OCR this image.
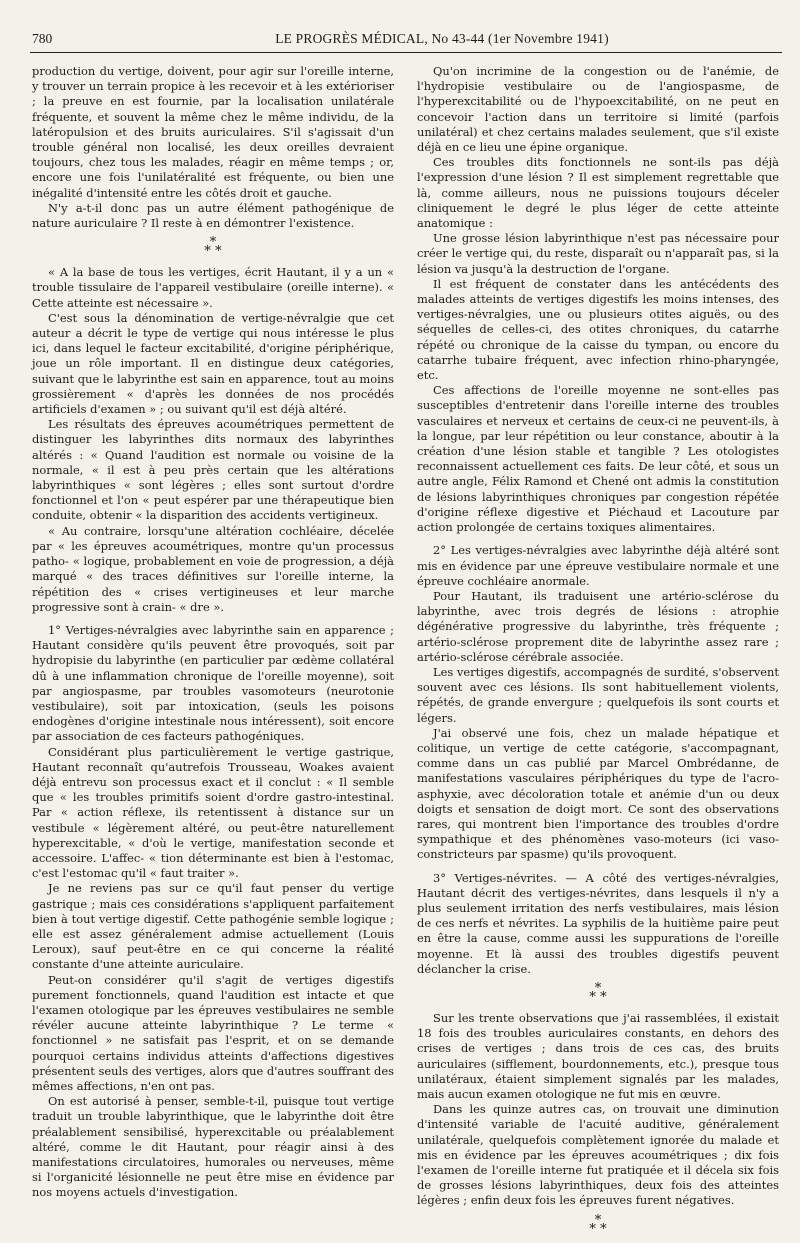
780	LE PROGRÈS MÉDICAL, No 43-44 (1er Novembre 1941)

production du vertige, doivent, pour agir sur l'oreille interne, y trouver un terrain propice à les recevoir et à les extérioriser ; la preuve en est fournie, par la localisation unilatérale fréquente, et souvent la même chez le même individu, de la latéropulsion et des bruits auriculaires. S'il s'agissait d'un trouble général non localisé, les deux oreilles devraient toujours, chez tous les malades, réagir en même temps ; or, encore une fois l'unilatéralité est fréquente, ou bien une inégalité d'intensité entre les côtés droit et gauche.

N'y a-t-il donc pas un autre élément pathogénique de nature auriculaire ? Il reste à en démontrer l'existence.

*
* *

« A la base de tous les vertiges, écrit Hautant, il y a un « trouble tissulaire de l'appareil vestibulaire (oreille interne). « Cette atteinte est nécessaire ».

C'est sous la dénomination de vertige-névralgie que cet auteur a décrit le type de vertige qui nous intéresse le plus ici, dans lequel le facteur excitabilité, d'origine périphérique, joue un rôle important. Il en distingue deux catégories, suivant que le labyrinthe est sain en apparence, tout au moins grossièrement « d'après les données de nos procédés artificiels d'examen » ; ou suivant qu'il est déjà altéré.

Les résultats des épreuves acoumétriques permettent de distinguer les labyrinthes dits normaux des labyrinthes altérés : « Quand l'audition est normale ou voisine de la normale, « il est à peu près certain que les altérations labyrinthiques « sont légères ; elles sont surtout d'ordre fonctionnel et l'on « peut espérer par une thérapeutique bien conduite, obtenir « la disparition des accidents vertigineux.

« Au contraire, lorsqu'une altération cochléaire, décelée par « les épreuves acoumétriques, montre qu'un processus patho- « logique, probablement en voie de progression, a déjà marqué « des traces définitives sur l'oreille interne, la répétition des « crises vertigineuses et leur marche progressive sont à crain- « dre ».

1° Vertiges-névralgies avec labyrinthe sain en apparence ; Hautant considère qu'ils peuvent être provoqués, soit par hydropisie du labyrinthe (en particulier par œdème collatéral dû à une inflammation chronique de l'oreille moyenne), soit par angiospasme, par troubles vasomoteurs (neurotonie vestibulaire), soit par intoxication, (seuls les poisons endogènes d'origine intestinale nous intéressent), soit encore par association de ces facteurs pathogéniques.

Considérant plus particulièrement le vertige gastrique, Hautant reconnaît qu'autrefois Trousseau, Woakes avaient déjà entrevu son processus exact et il conclut : « Il semble que « les troubles primitifs soient d'ordre gastro-intestinal. Par « action réflexe, ils retentissent à distance sur un vestibule « légèrement altéré, ou peut-être naturellement hyperexcitable, « d'où le vertige, manifestation seconde et accessoire. L'affec- « tion déterminante est bien à l'estomac, c'est l'estomac qu'il « faut traiter ».

Je ne reviens pas sur ce qu'il faut penser du vertige gastrique ; mais ces considérations s'appliquent parfaitement bien à tout vertige digestif. Cette pathogénie semble logique ; elle est assez généralement admise actuellement (Louis Leroux), sauf peut-être en ce qui concerne la réalité constante d'une atteinte auriculaire.

Peut-on considérer qu'il s'agit de vertiges digestifs purement fonctionnels, quand l'audition est intacte et que l'examen otologique par les épreuves vestibulaires ne semble révéler aucune atteinte labyrinthique ? Le terme « fonctionnel » ne satisfait pas l'esprit, et on se demande pourquoi certains individus atteints d'affections digestives présentent seuls des vertiges, alors que d'autres souffrant des mêmes affections, n'en ont pas.

On est autorisé à penser, semble-t-il, puisque tout vertige traduit un trouble labyrinthique, que le labyrinthe doit être préalablement sensibilisé, hyperexcitable ou préalablement altéré, comme le dit Hautant, pour réagir ainsi à des manifestations circulatoires, humorales ou nerveuses, même si l'organicité lésionnelle ne peut être mise en évidence par nos moyens actuels d'investigation.

Qu'on incrimine de la congestion ou de l'anémie, de l'hydropisie vestibulaire ou de l'angiospasme, de l'hyperexcitabilité ou de l'hypoexcitabilité, on ne peut en concevoir l'action dans un territoire si limité (parfois unilatéral) et chez certains malades seulement, que s'il existe déjà en ce lieu une épine organique.

Ces troubles dits fonctionnels ne sont-ils pas déjà l'expression d'une lésion ? Il est simplement regrettable que là, comme ailleurs, nous ne puissions toujours déceler cliniquement le degré le plus léger de cette atteinte anatomique :

Une grosse lésion labyrinthique n'est pas nécessaire pour créer le vertige qui, du reste, disparaît ou n'apparaît pas, si la lésion va jusqu'à la destruction de l'organe.

Il est fréquent de constater dans les antécédents des malades atteints de vertiges digestifs les moins intenses, des vertiges-névralgies, une ou plusieurs otites aiguës, ou des séquelles de celles-ci, des otites chroniques, du catarrhe répété ou chronique de la caisse du tympan, ou encore du catarrhe tubaire fréquent, avec infection rhino-pharyngée, etc.

Ces affections de l'oreille moyenne ne sont-elles pas susceptibles d'entretenir dans l'oreille interne des troubles vasculaires et nerveux et certains de ceux-ci ne peuvent-ils, à la longue, par leur répétition ou leur constance, aboutir à la création d'une lésion stable et tangible ? Les otologistes reconnaissent actuellement ces faits. De leur côté, et sous un autre angle, Félix Ramond et Chené ont admis la constitution de lésions labyrinthiques chroniques par congestion répétée d'origine réflexe digestive et Piéchaud et Lacouture par action prolongée de certains toxiques alimentaires.

2° Les vertiges-névralgies avec labyrinthe déjà altéré sont mis en évidence par une épreuve vestibulaire normale et une épreuve cochléaire anormale.

Pour Hautant, ils traduisent une artério-sclérose du labyrinthe, avec trois degrés de lésions : atrophie dégénérative progressive du labyrinthe, très fréquente ; artério-sclérose proprement dite de labyrinthe assez rare ; artério-sclérose cérébrale associée.

Les vertiges digestifs, accompagnés de surdité, s'observent souvent avec ces lésions. Ils sont habituellement violents, répétés, de grande envergure ; quelquefois ils sont courts et légers.

J'ai observé une fois, chez un malade hépatique et colitique, un vertige de cette catégorie, s'accompagnant, comme dans un cas publié par Marcel Ombrédanne, de manifestations vasculaires périphériques du type de l'acro-asphyxie, avec décoloration totale et anémie d'un ou deux doigts et sensation de doigt mort. Ce sont des observations rares, qui montrent bien l'importance des troubles d'ordre sympathique et des phénomènes vaso-moteurs (ici vaso-constricteurs par spasme) qu'ils provoquent.

3° Vertiges-névrites. — A côté des vertiges-névralgies, Hautant décrit des vertiges-névrites, dans lesquels il n'y a plus seulement irritation des nerfs vestibulaires, mais lésion de ces nerfs et névrites. La syphilis de la huitième paire peut en être la cause, comme aussi les suppurations de l'oreille moyenne. Et là aussi des troubles digestifs peuvent déclancher la crise.

*
* *

Sur les trente observations que j'ai rassemblées, il existait 18 fois des troubles auriculaires constants, en dehors des crises de vertiges ; dans trois de ces cas, des bruits auriculaires (sifflement, bourdonnements, etc.), presque tous unilatéraux, étaient simplement signalés par les malades, mais aucun examen otologique ne fut mis en œuvre.

Dans les quinze autres cas, on trouvait une diminution d'intensité variable de l'acuité auditive, généralement unilatérale, quelquefois complètement ignorée du malade et mis en évidence par les épreuves acoumétriques ; dix fois l'examen de l'oreille interne fut pratiquée et il décela six fois de grosses lésions labyrinthiques, deux fois des atteintes légères ; enfin deux fois les épreuves furent négatives.

*
* *
